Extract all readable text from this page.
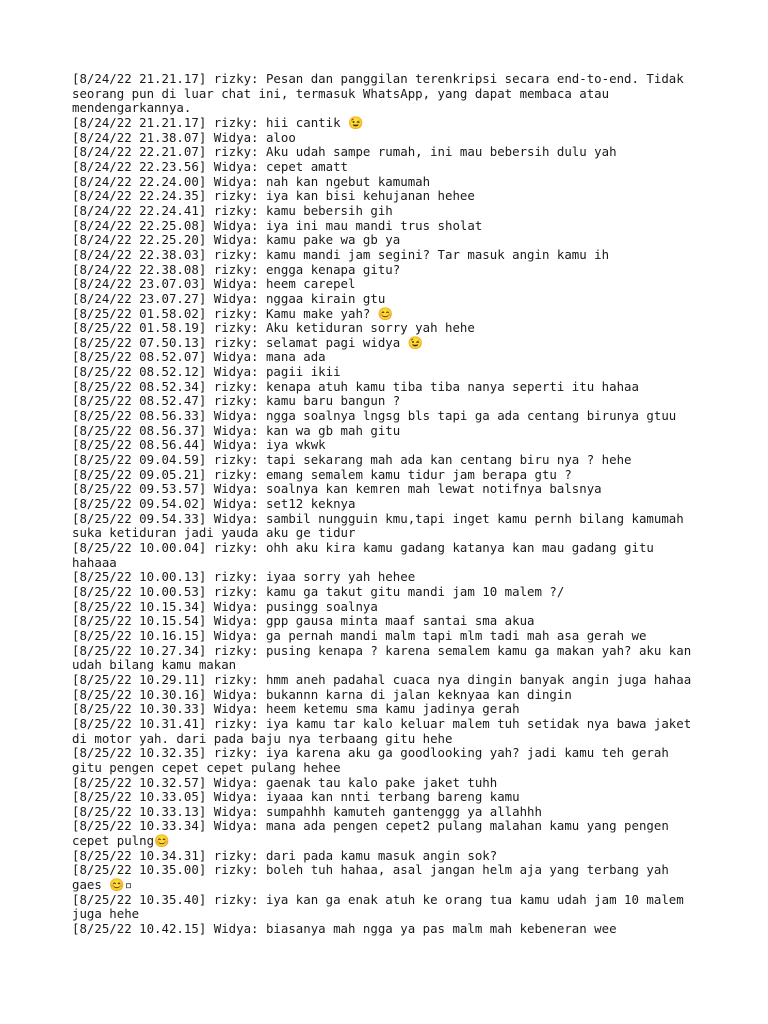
[8/24/22 21.21.17] rizky: Pesan dan panggilan terenkripsi secara end-to-end. Tidak seorang pun di luar chat ini, termasuk WhatsApp, yang dapat membaca atau mendengarkannya.
[8/24/22 21.21.17] rizky: hii cantik 😉
[8/24/22 21.38.07] Widya: aloo
[8/24/22 22.21.07] rizky: Aku udah sampe rumah, ini mau bebersih dulu yah
[8/24/22 22.23.56] Widya: cepet amatt
[8/24/22 22.24.00] Widya: nah kan ngebut kamumah
[8/24/22 22.24.35] rizky: iya kan bisi kehujanan hehee
[8/24/22 22.24.41] rizky: kamu bebersih gih
[8/24/22 22.25.08] Widya: iya ini mau mandi trus sholat
[8/24/22 22.25.20] Widya: kamu pake wa gb ya
[8/24/22 22.38.03] rizky: kamu mandi jam segini? Tar masuk angin kamu ih
[8/24/22 22.38.08] rizky: engga kenapa gitu?
[8/24/22 23.07.03] Widya: heem carepel
[8/24/22 23.07.27] Widya: nggaa kirain gtu
[8/25/22 01.58.02] rizky: Kamu make yah? 😊
[8/25/22 01.58.19] rizky: Aku ketiduran sorry yah hehe
[8/25/22 07.50.13] rizky: selamat pagi widya 😉
[8/25/22 08.52.07] Widya: mana ada
[8/25/22 08.52.12] Widya: pagii ikii
[8/25/22 08.52.34] rizky: kenapa atuh kamu tiba tiba nanya seperti itu hahaa
[8/25/22 08.52.47] rizky: kamu baru bangun ?
[8/25/22 08.56.33] Widya: ngga soalnya lngsg bls tapi ga ada centang birunya gtuu
[8/25/22 08.56.37] Widya: kan wa gb mah gitu
[8/25/22 08.56.44] Widya: iya wkwk
[8/25/22 09.04.59] rizky: tapi sekarang mah ada kan centang biru nya ? hehe
[8/25/22 09.05.21] rizky: emang semalem kamu tidur jam berapa gtu ?
[8/25/22 09.53.57] Widya: soalnya kan kemren mah lewat notifnya balsnya
[8/25/22 09.54.02] Widya: set12 keknya
[8/25/22 09.54.33] Widya: sambil nungguin kmu,tapi inget kamu pernh bilang kamumah suka ketiduran jadi yauda aku ge tidur
[8/25/22 10.00.04] rizky: ohh aku kira kamu gadang katanya kan mau gadang gitu hahaaa
[8/25/22 10.00.13] rizky: iyaa sorry yah hehee
[8/25/22 10.00.53] rizky: kamu ga takut gitu mandi jam 10 malem ?/
[8/25/22 10.15.34] Widya: pusingg soalnya
[8/25/22 10.15.54] Widya: gpp gausa minta maaf santai sma akua
[8/25/22 10.16.15] Widya: ga pernah mandi malm tapi mlm tadi mah asa gerah we
[8/25/22 10.27.34] rizky: pusing kenapa ? karena semalem kamu ga makan yah? aku kan udah bilang kamu makan
[8/25/22 10.29.11] rizky: hmm aneh padahal cuaca nya dingin banyak angin juga hahaa
[8/25/22 10.30.16] Widya: bukannn karna di jalan keknyaa kan dingin
[8/25/22 10.30.33] Widya: heem ketemu sma kamu jadinya gerah
[8/25/22 10.31.41] rizky: iya kamu tar kalo keluar malem tuh setidak nya bawa jaket di motor yah. dari pada baju nya terbaang gitu hehe
[8/25/22 10.32.35] rizky: iya karena aku ga goodlooking yah? jadi kamu teh gerah gitu pengen cepet cepet pulang hehee
[8/25/22 10.32.57] Widya: gaenak tau kalo pake jaket tuhh
[8/25/22 10.33.05] Widya: iyaaa kan nnti terbang bareng kamu
[8/25/22 10.33.13] Widya: sumpahhh kamuteh gantenggg ya allahhh
[8/25/22 10.33.34] Widya: mana ada pengen cepet2 pulang malahan kamu yang pengen cepet pulng😊
[8/25/22 10.34.31] rizky: dari pada kamu masuk angin sok?
[8/25/22 10.35.00] rizky: boleh tuh hahaa, asal jangan helm aja yang terbang yah gaes 😊▫
[8/25/22 10.35.40] rizky: iya kan ga enak atuh ke orang tua kamu udah jam 10 malem juga hehe
[8/25/22 10.42.15] Widya: biasanya mah ngga ya pas malm mah kebeneran wee
